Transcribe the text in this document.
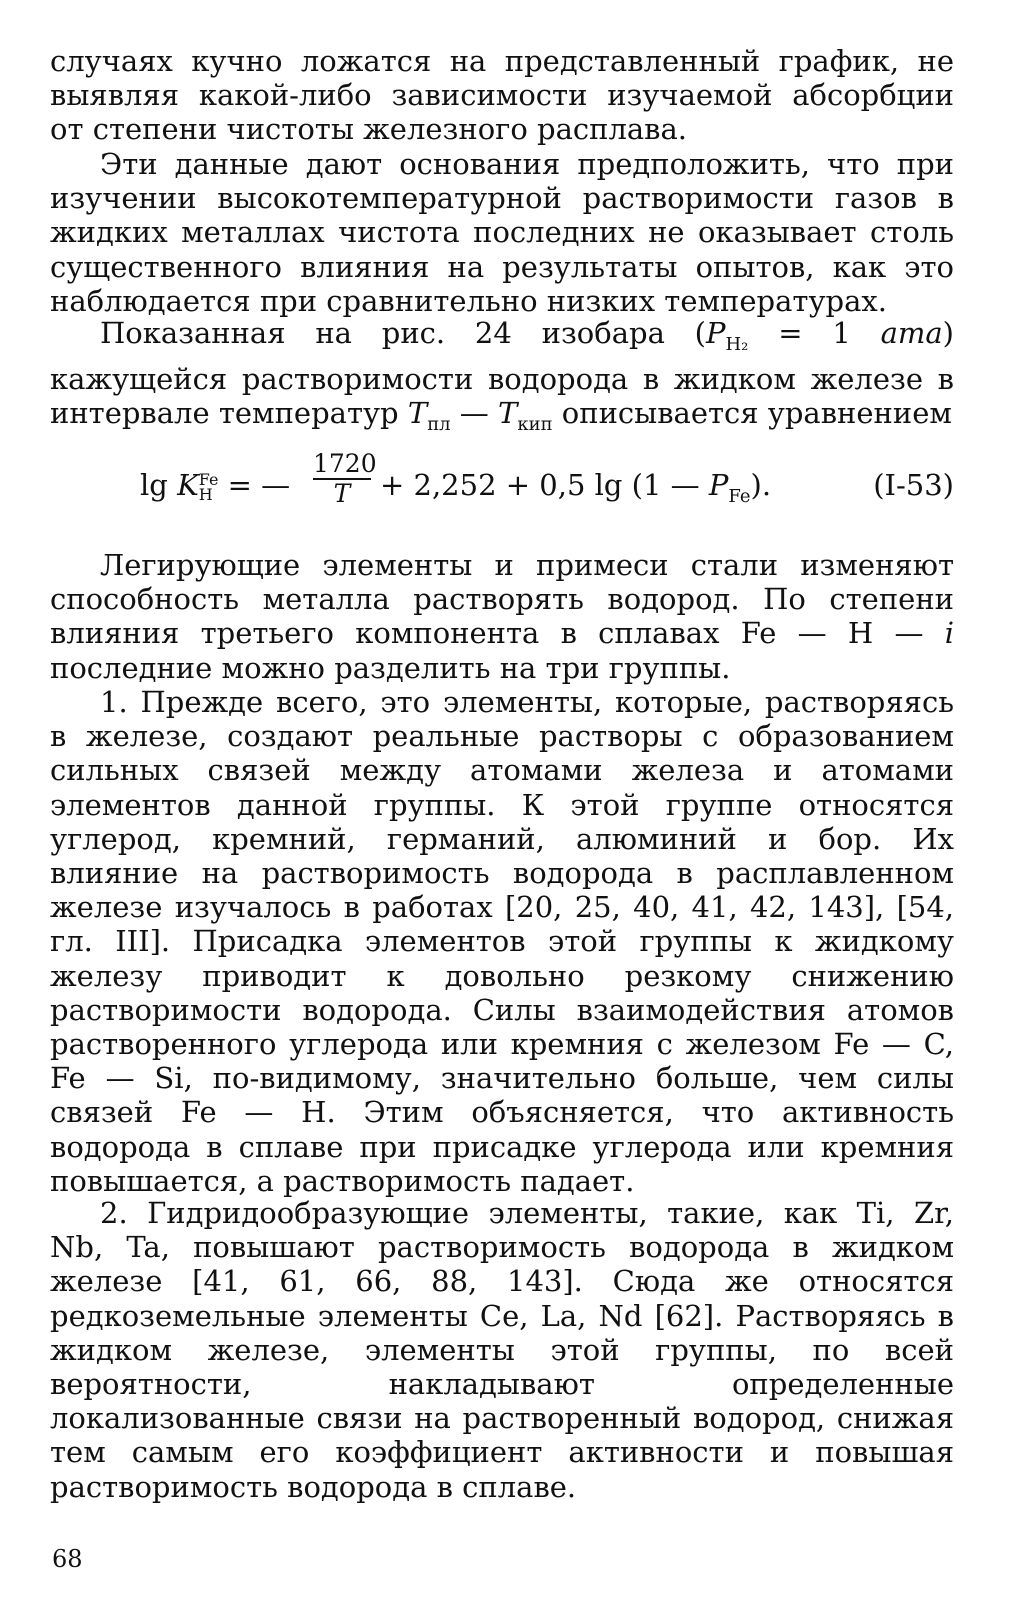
случаях кучно ложатся на представленный график, не выявляя какой-либо зависимости изучаемой абсорбции от степени чистоты железного расплава.

Эти данные дают основания предположить, что при изучении высокотемпературной растворимости газов в жидких металлах чистота последних не оказывает столь существенного влияния на результаты опытов, как это наблюдается при сравнительно низких температурах.

Показанная на рис. 24 изобара ($P_{H_2} = 1$ ата) кажущейся растворимости водорода в жидком железе в интервале температур $T_{пл}$ — $T_{кип}$ описывается уравнением

lg K Fe
H = — $\frac{1720}{T} + 2,252 + 0,5$ lg (1 — $P_{Fe}$).	(I-53)

Легирующие элементы и примеси стали изменяют способность металла растворять водород. По степени влияния третьего компонента в сплавах Fe — H — i последние можно разделить на три группы.

1. Прежде всего, это элементы, которые, растворяясь в железе, создают реальные растворы с образованием сильных связей между атомами железа и атомами элементов данной группы. К этой группе относятся углерод, кремний, германий, алюминий и бор. Их влияние на растворимость водорода в расплавленном железе изучалось в работах [20, 25, 40, 41, 42, 143], [54, гл. III]. Присадка элементов этой группы к жидкому железу приводит к довольно резкому снижению растворимости водорода. Силы взаимодействия атомов растворенного углерода или кремния с железом Fe — C, Fe — Si, по-видимому, значительно больше, чем силы связей Fe — H. Этим объясняется, что активность водорода в сплаве при присадке углерода или кремния повышается, а растворимость падает.

2. Гидридообразующие элементы, такие, как Ti, Zr, Nb, Ta, повышают растворимость водорода в жидком железе [41, 61, 66, 88, 143]. Сюда же относятся редкоземельные элементы Ce, La, Nd [62]. Растворяясь в жидком железе, элементы этой группы, по всей вероятности, накладывают определенные локализованные связи на растворенный водород, снижая тем самым его коэффициент активности и повышая растворимость водорода в сплаве.

68
